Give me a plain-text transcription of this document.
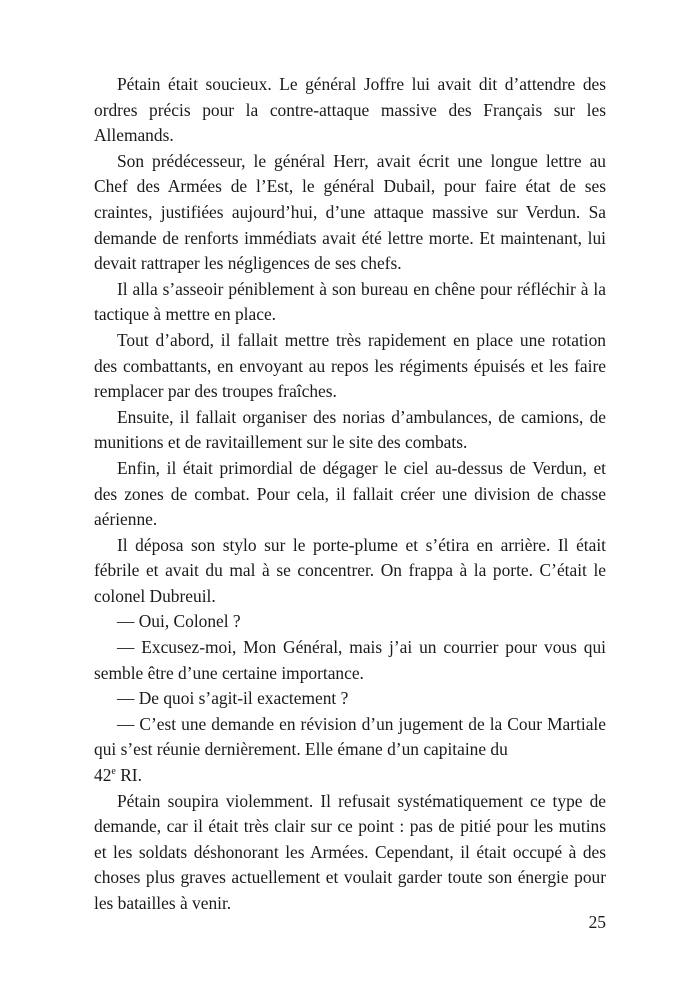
Pétain était soucieux. Le général Joffre lui avait dit d’attendre des ordres précis pour la contre-attaque massive des Français sur les Allemands.

Son prédécesseur, le général Herr, avait écrit une longue lettre au Chef des Armées de l’Est, le général Dubail, pour faire état de ses craintes, justifiées aujourd’hui, d’une attaque massive sur Verdun. Sa demande de renforts immédiats avait été lettre morte. Et maintenant, lui devait rattraper les négligences de ses chefs.

Il alla s’asseoir péniblement à son bureau en chêne pour réfléchir à la tactique à mettre en place.

Tout d’abord, il fallait mettre très rapidement en place une rotation des combattants, en envoyant au repos les régiments épuisés et les faire remplacer par des troupes fraîches.

Ensuite, il fallait organiser des norias d’ambulances, de camions, de munitions et de ravitaillement sur le site des combats.

Enfin, il était primordial de dégager le ciel au-dessus de Verdun, et des zones de combat. Pour cela, il fallait créer une division de chasse aérienne.

Il déposa son stylo sur le porte-plume et s’étira en arrière. Il était fébrile et avait du mal à se concentrer. On frappa à la porte. C’était le colonel Dubreuil.

— Oui, Colonel ?

— Excusez-moi, Mon Général, mais j’ai un courrier pour vous qui semble être d’une certaine importance.

— De quoi s’agit-il exactement ?

— C’est une demande en révision d’un jugement de la Cour Martiale qui s’est réunie dernièrement. Elle émane d’un capitaine du
42e RI.

Pétain soupira violemment. Il refusait systématiquement ce type de demande, car il était très clair sur ce point : pas de pitié pour les mutins et les soldats déshonorant les Armées. Cependant, il était occupé à des choses plus graves actuellement et voulait garder toute son énergie pour les batailles à venir.

25
